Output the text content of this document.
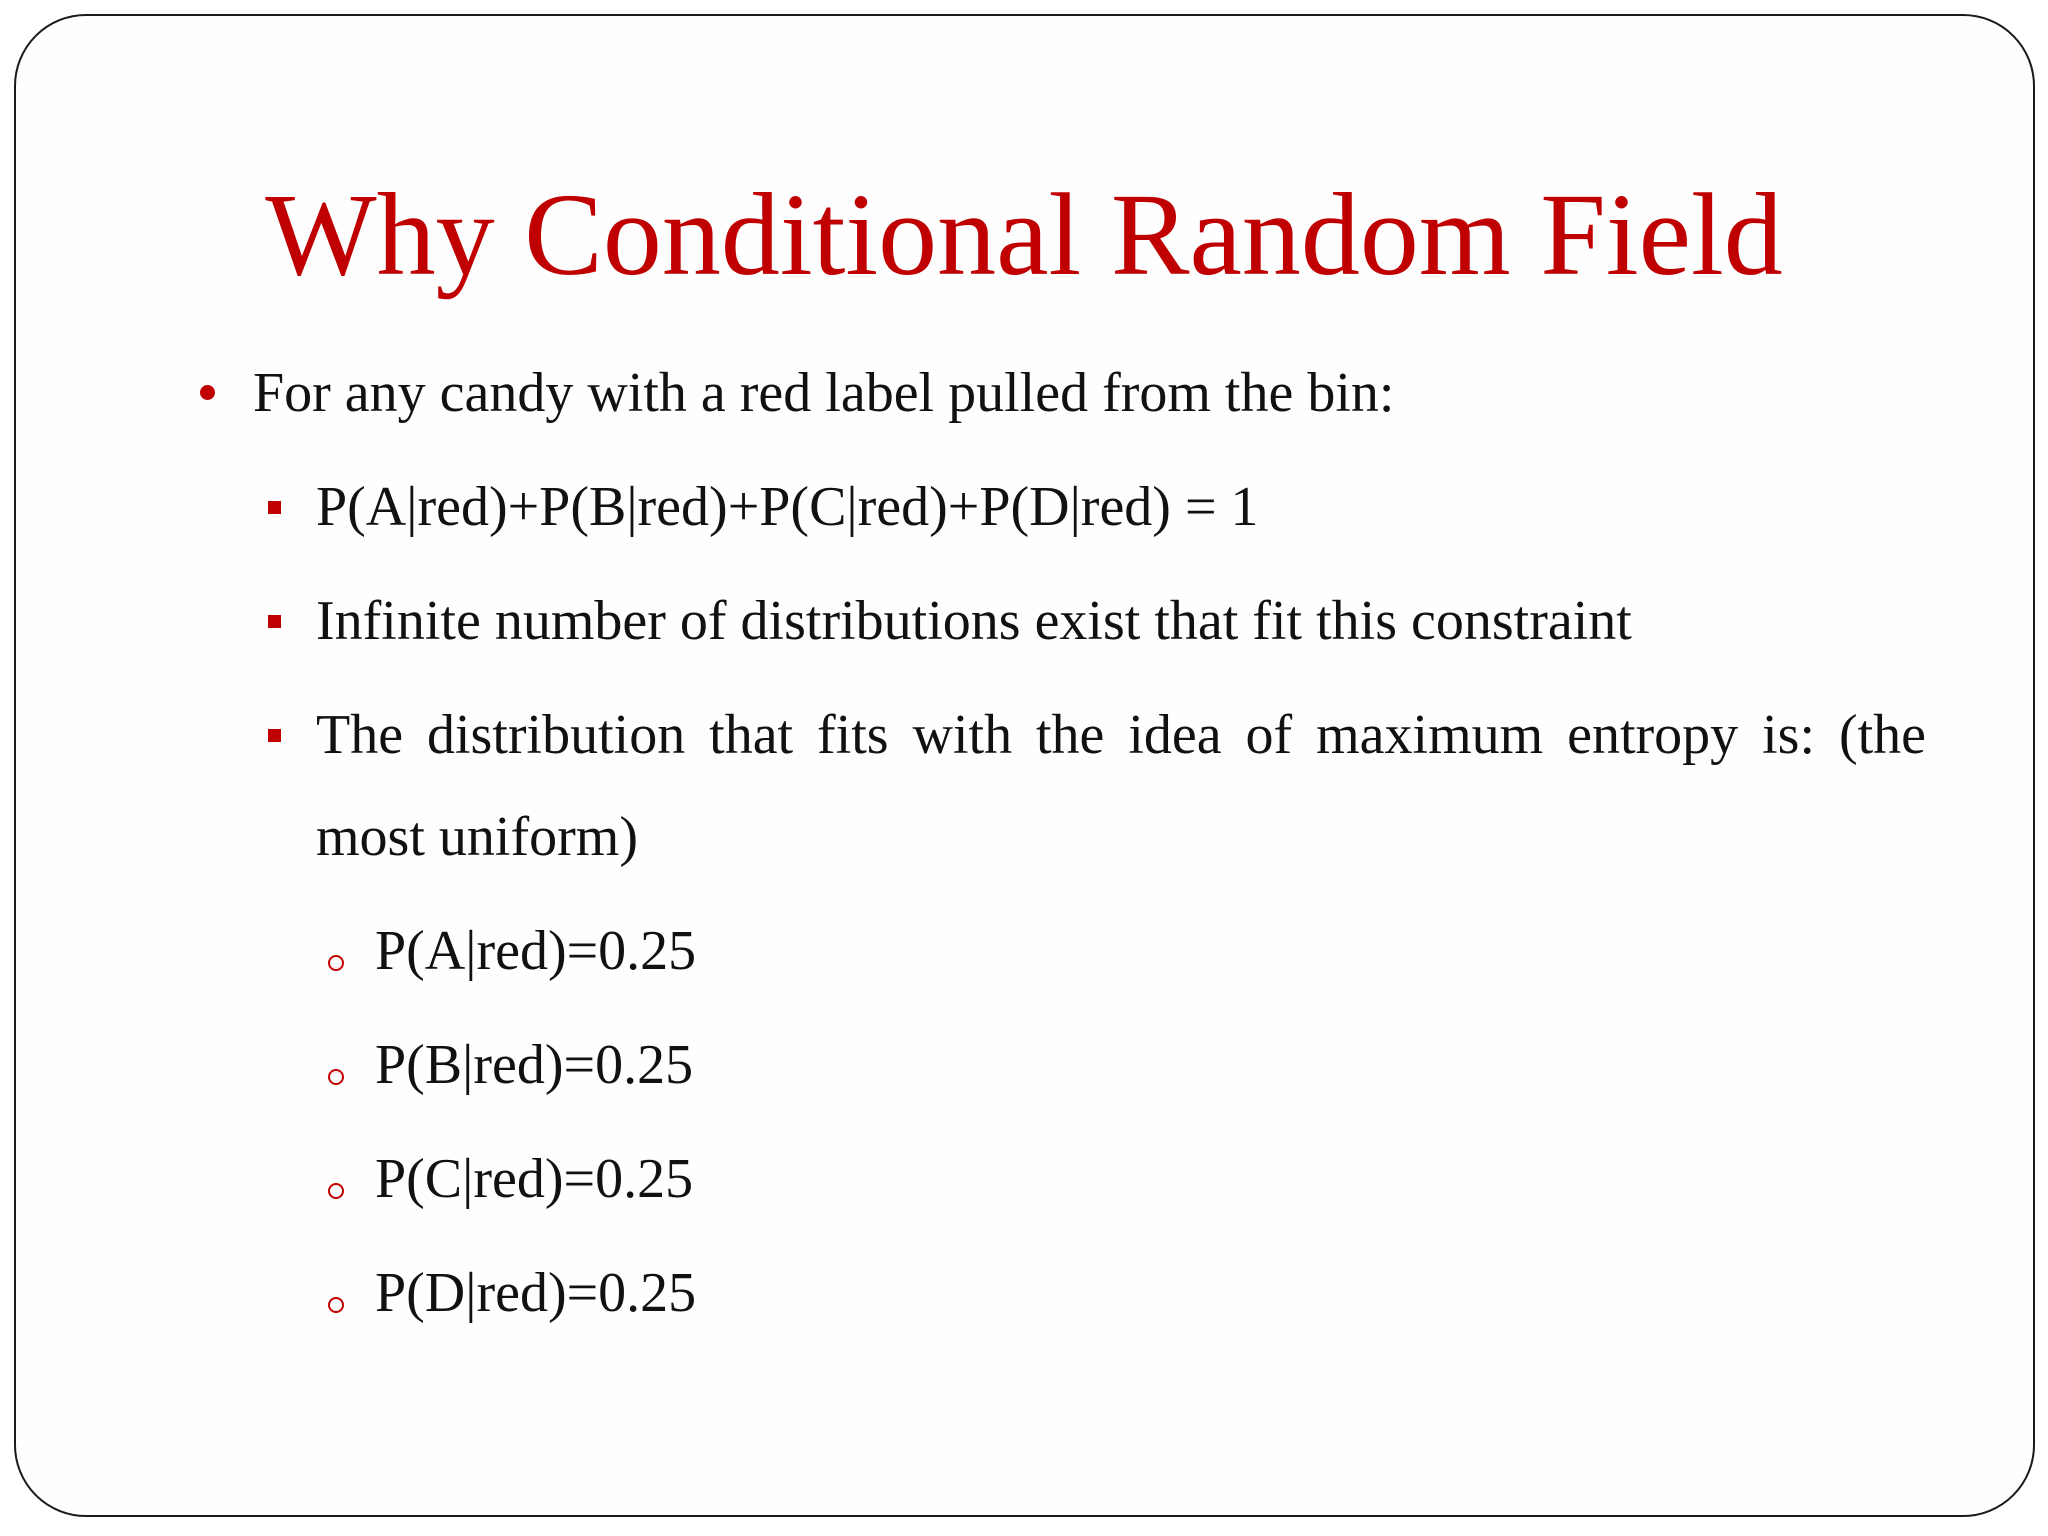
Why Conditional Random Field
For any candy with a red label pulled from the bin:
P(A|red)+P(B|red)+P(C|red)+P(D|red) = 1
Infinite number of distributions exist that fit this constraint
The distribution that fits with the idea of maximum entropy is: (the
most uniform)
P(A|red)=0.25
P(B|red)=0.25
P(C|red)=0.25
P(D|red)=0.25
